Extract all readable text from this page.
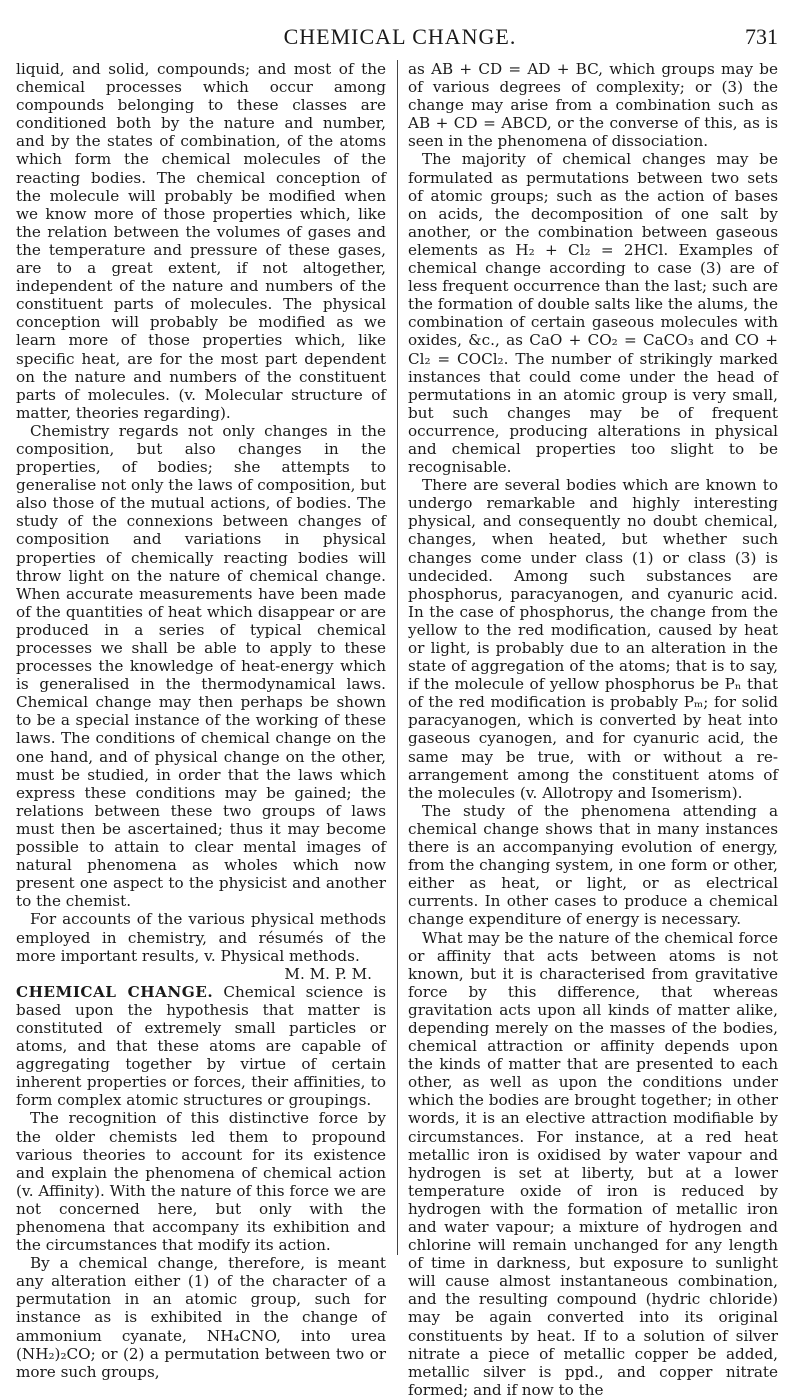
CHEMICAL CHANGE.	731

liquid, and solid, compounds; and most of the chemical processes which occur among compounds belonging to these classes are conditioned both by the nature and number, and by the states of combination, of the atoms which form the chemical molecules of the reacting bodies. The chemical conception of the molecule will probably be modified when we know more of those properties which, like the relation between the volumes of gases and the temperature and pressure of these gases, are to a great extent, if not altogether, independent of the nature and numbers of the constituent parts of molecules. The physical conception will probably be modified as we learn more of those properties which, like specific heat, are for the most part dependent on the nature and numbers of the constituent parts of molecules. (v. Molecular structure of matter, theories regarding).

Chemistry regards not only changes in the composition, but also changes in the properties, of bodies; she attempts to generalise not only the laws of composition, but also those of the mutual actions, of bodies. The study of the connexions between changes of composition and variations in physical properties of chemically reacting bodies will throw light on the nature of chemical change. When accurate measurements have been made of the quantities of heat which disappear or are produced in a series of typical chemical processes we shall be able to apply to these processes the knowledge of heat-energy which is generalised in the thermodynamical laws. Chemical change may then perhaps be shown to be a special instance of the working of these laws. The conditions of chemical change on the one hand, and of physical change on the other, must be studied, in order that the laws which express these conditions may be gained; the relations between these two groups of laws must then be ascertained; thus it may become possible to attain to clear mental images of natural phenomena as wholes which now present one aspect to the physicist and another to the chemist.

For accounts of the various physical methods employed in chemistry, and résumés of the more important results, v. Physical methods.

M. M. P. M.

CHEMICAL CHANGE. Chemical science is based upon the hypothesis that matter is constituted of extremely small particles or atoms, and that these atoms are capable of aggregating together by virtue of certain inherent properties or forces, their affinities, to form complex atomic structures or groupings.

The recognition of this distinctive force by the older chemists led them to propound various theories to account for its existence and explain the phenomena of chemical action (v. Affinity). With the nature of this force we are not concerned here, but only with the phenomena that accompany its exhibition and the circumstances that modify its action.

By a chemical change, therefore, is meant any alteration either (1) of the character of a permutation in an atomic group, such for instance as is exhibited in the change of ammonium cyanate, NH₄CNO, into urea (NH₂)₂CO; or (2) a permutation between two or more such groups,

as AB + CD = AD + BC, which groups may be of various degrees of complexity; or (3) the change may arise from a combination such as AB + CD = ABCD, or the converse of this, as is seen in the phenomena of dissociation.

The majority of chemical changes may be formulated as permutations between two sets of atomic groups; such as the action of bases on acids, the decomposition of one salt by another, or the combination between gaseous elements as H₂ + Cl₂ = 2HCl. Examples of chemical change according to case (3) are of less frequent occurrence than the last; such are the formation of double salts like the alums, the combination of certain gaseous molecules with oxides, &c., as CaO + CO₂ = CaCO₃ and CO + Cl₂ = COCl₂. The number of strikingly marked instances that could come under the head of permutations in an atomic group is very small, but such changes may be of frequent occurrence, producing alterations in physical and chemical properties too slight to be recognisable.

There are several bodies which are known to undergo remarkable and highly interesting physical, and consequently no doubt chemical, changes, when heated, but whether such changes come under class (1) or class (3) is undecided. Among such substances are phosphorus, paracyanogen, and cyanuric acid. In the case of phosphorus, the change from the yellow to the red modification, caused by heat or light, is probably due to an alteration in the state of aggregation of the atoms; that is to say, if the molecule of yellow phosphorus be Pₙ that of the red modification is probably Pₘ; for solid paracyanogen, which is converted by heat into gaseous cyanogen, and for cyanuric acid, the same may be true, with or without a re-arrangement among the constituent atoms of the molecules (v. Allotropy and Isomerism).

The study of the phenomena attending a chemical change shows that in many instances there is an accompanying evolution of energy, from the changing system, in one form or other, either as heat, or light, or as electrical currents. In other cases to produce a chemical change expenditure of energy is necessary.

What may be the nature of the chemical force or affinity that acts between atoms is not known, but it is characterised from gravitative force by this difference, that whereas gravitation acts upon all kinds of matter alike, depending merely on the masses of the bodies, chemical attraction or affinity depends upon the kinds of matter that are presented to each other, as well as upon the conditions under which the bodies are brought together; in other words, it is an elective attraction modifiable by circumstances. For instance, at a red heat metallic iron is oxidised by water vapour and hydrogen is set at liberty, but at a lower temperature oxide of iron is reduced by hydrogen with the formation of metallic iron and water vapour; a mixture of hydrogen and chlorine will remain unchanged for any length of time in darkness, but exposure to sunlight will cause almost instantaneous combination, and the resulting compound (hydric chloride) may be again converted into its original constituents by heat. If to a solution of silver nitrate a piece of metallic copper be added, metallic silver is ppd., and copper nitrate formed; and if now to the
